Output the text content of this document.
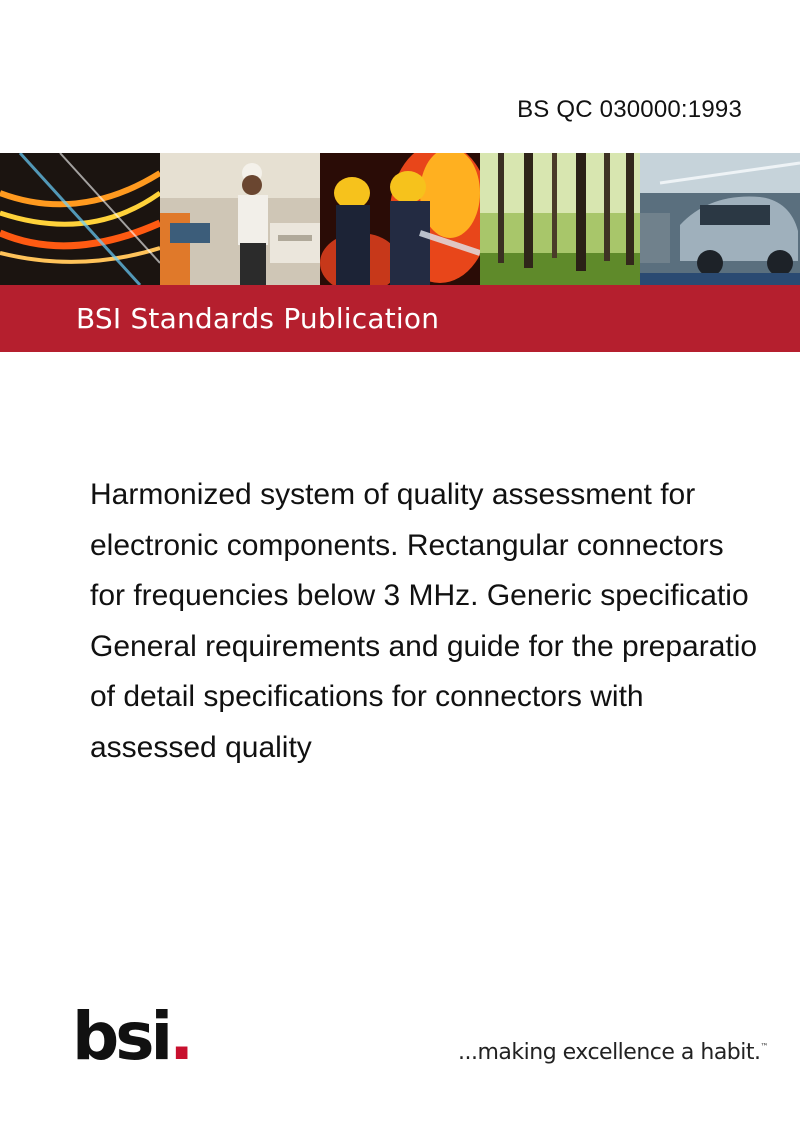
BS QC 030000:1993
BSI Standards Publication
Harmonized system of quality assessment for
electronic components. Rectangular connectors
for frequencies below 3 MHz. Generic specificatio
General requirements and guide for the preparatio
of detail specifications for connectors with
assessed quality
bsi.	...making excellence a habit.™
